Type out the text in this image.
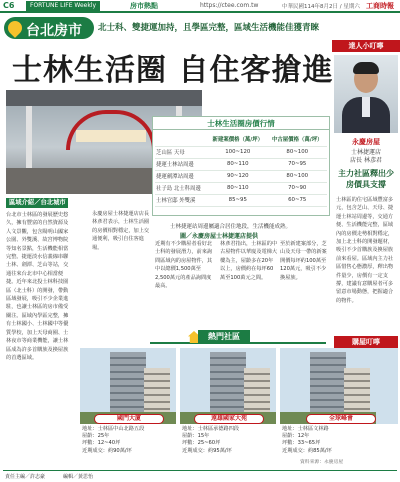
C6	FORTUNE LIFE Weekly	房市熱點	https://ctee.com.tw	中華民國114年8月2日 / 星期六 工商時報
台北房市 北士科、雙捷運加持，且學區完整，區域生活機能佳獲青睞
士林生活圈 自住客搶進
達人小叮嚀
永慶房屋
士林捷運店
店長 林彥君
主力社區釋出少 房價具支撐
士林區的住宅區域豐富多元，包含芝山、天母、捷運士林站周邊等，交通方便、生活機能完整，區域內的房價走勢相對穩定，加上北士科的開發題材，吸引不少首購族及換屋族前來看屋。區域內主力社區惜售心態濃厚，釋出物件量少，房價有一定支撐，建議有意購屋者可多留意市場動態，把握適合的物件。
購屋叮嚀
士林生活圈房價行情
	新建案價格（萬/坪）	中古屋價格（萬/坪）
芝山區 天母	100~120	80~100
捷運士林站周邊	80~110	70~95
捷運劍潭站周邊	90~120	80~100
社子島 北士科周邊	80~110	70~90
士林官邸 外雙溪	85~95	60~75
士林捷運站周邊屬適合居住地段，生活機能成熟。
圖／永慶房屋士林捷運店提供
區域介紹／台北城市
台北市士林區的發展歷史悠久，擁有豐富的自然資源及人文景觀，包含陽明山國家公園、外雙溪、故宮博物院等知名景點，生活機能相當完整。捷運淡水信義線串聯士林、劍潭、芝山等站，交通往來台北市中心相當便捷。近年來北投士林科技園區（北士科）的開發，帶動區域發展，吸引不少企業進駐，也讓士林區的房市備受關注。區域內學區完整，擁有士林國小、士林國中等優質學校，加上天母商圈、士林夜市等商業機能，讓士林區成為許多首購族及換屋族的首選區域。
永慶房屋士林捷運店店長林彥君表示，士林生活圈的房價相對穩定，加上交通便利，吸引自住客進場。
近期有不少購屋者看好北士科的發展潛力，前來詢問區域內的房屋物件，其中以總價1,500萬至2,500萬元的產品詢問度最高。
林彥君指出，士林區的中古屋物件以華廈及電梯大樓為主，屋齡多在20年以上，房價約在每坪60萬至100萬元之間。
至於新建案部分，芝山及天母一帶的新案開價每坪約100萬至120萬元，吸引不少換屋族。
熱門社區
國門大廈	遠雄國家大苑	全球峰會
地址：士林區中山北路五段
屋齡：25年
坪數：12~40坪
近期成交：約90萬/坪
地址：士林區承德路四段
屋齡：15年
坪數：25~60坪
近期成交：約95萬/坪
地址：士林區文林路
屋齡：12年
坪數：33~65坪
近期成交：約85萬/坪
資料來源：永慶房屋
責任主編／許志豪	編輯／黃思怡
